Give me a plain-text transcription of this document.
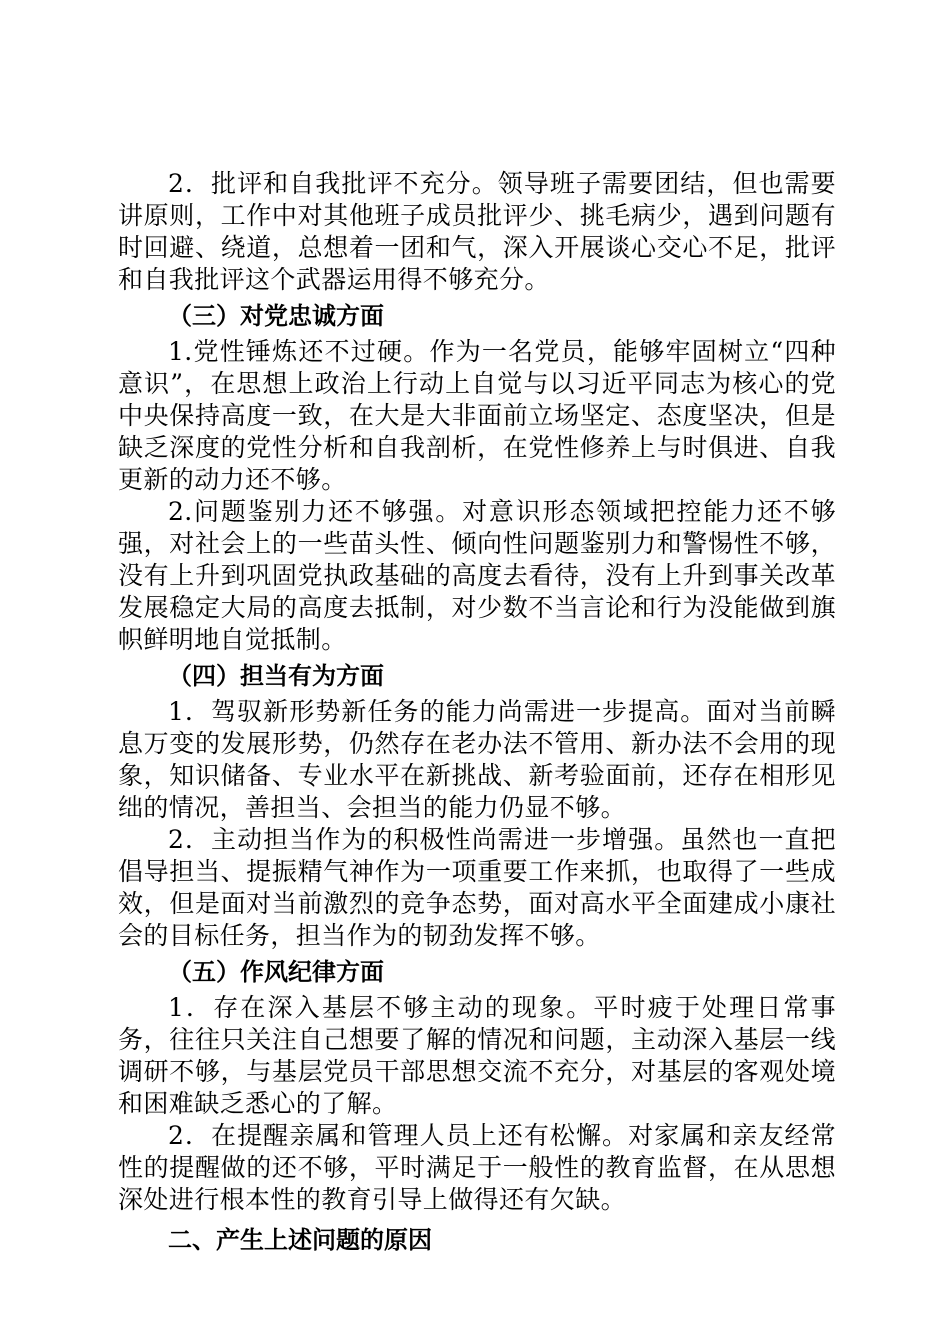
2．批评和自我批评不充分。领导班子需要团结，但也需要讲原则，工作中对其他班子成员批评少、挑毛病少，遇到问题有时回避、绕道，总想着一团和气，深入开展谈心交心不足，批评和自我批评这个武器运用得不够充分。

（三）对党忠诚方面

1.党性锤炼还不过硬。作为一名党员，能够牢固树立“四种意识”，在思想上政治上行动上自觉与以习近平同志为核心的党中央保持高度一致，在大是大非面前立场坚定、态度坚决，但是缺乏深度的党性分析和自我剖析，在党性修养上与时俱进、自我更新的动力还不够。

2.问题鉴别力还不够强。对意识形态领域把控能力还不够强，对社会上的一些苗头性、倾向性问题鉴别力和警惕性不够，没有上升到巩固党执政基础的高度去看待，没有上升到事关改革发展稳定大局的高度去抵制，对少数不当言论和行为没能做到旗帜鲜明地自觉抵制。

（四）担当有为方面

1．驾驭新形势新任务的能力尚需进一步提高。面对当前瞬息万变的发展形势，仍然存在老办法不管用、新办法不会用的现象，知识储备、专业水平在新挑战、新考验面前，还存在相形见绌的情况，善担当、会担当的能力仍显不够。

2．主动担当作为的积极性尚需进一步增强。虽然也一直把倡导担当、提振精气神作为一项重要工作来抓，也取得了一些成效，但是面对当前激烈的竞争态势，面对高水平全面建成小康社会的目标任务，担当作为的韧劲发挥不够。

（五）作风纪律方面

1．存在深入基层不够主动的现象。平时疲于处理日常事务，往往只关注自己想要了解的情况和问题，主动深入基层一线调研不够，与基层党员干部思想交流不充分，对基层的客观处境和困难缺乏悉心的了解。

2．在提醒亲属和管理人员上还有松懈。对家属和亲友经常性的提醒做的还不够，平时满足于一般性的教育监督，在从思想深处进行根本性的教育引导上做得还有欠缺。

二、产生上述问题的原因
